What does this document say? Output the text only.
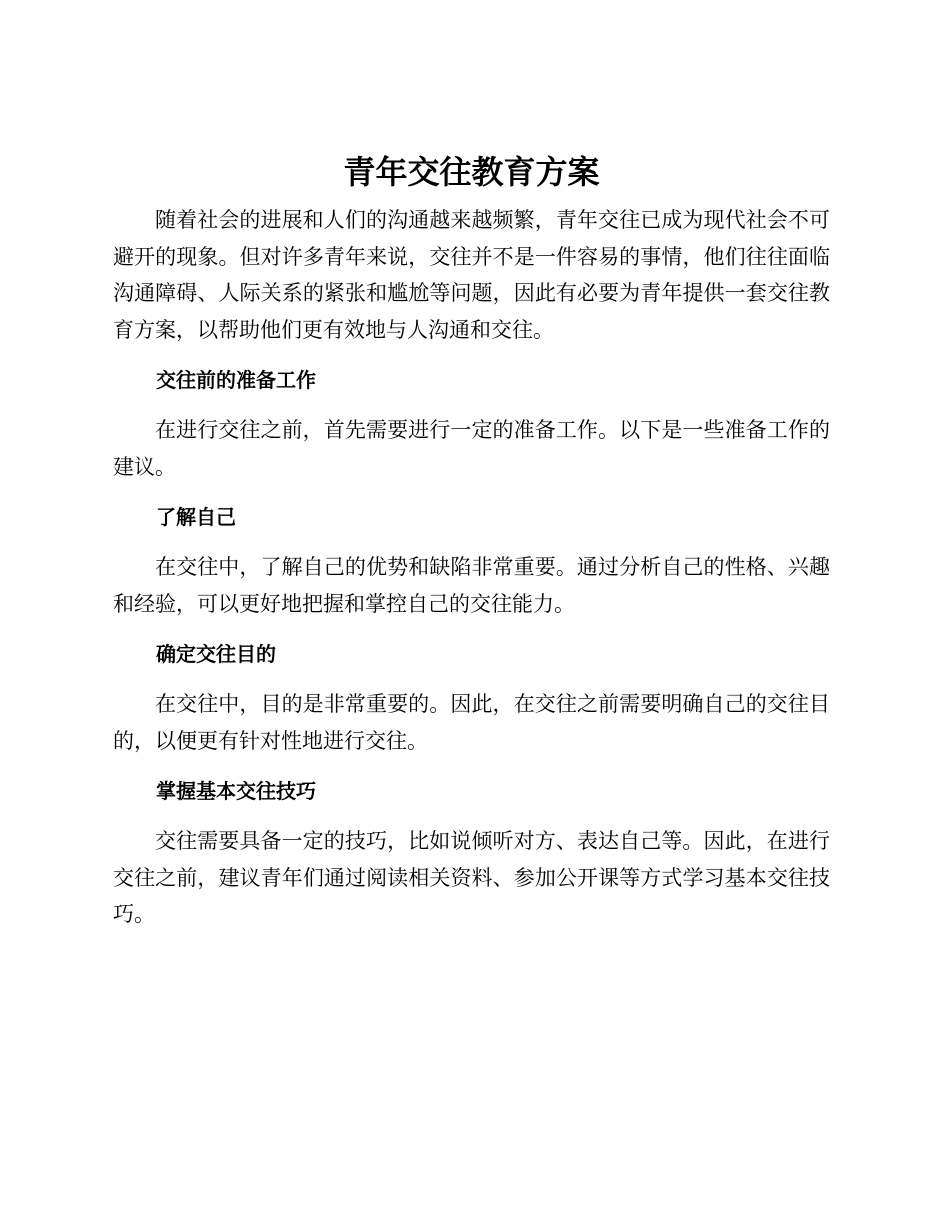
青年交往教育方案

随着社会的进展和人们的沟通越来越频繁，青年交往已成为现代社会不可避开的现象。但对许多青年来说，交往并不是一件容易的事情，他们往往面临沟通障碍、人际关系的紧张和尴尬等问题，因此有必要为青年提供一套交往教育方案，以帮助他们更有效地与人沟通和交往。

交往前的准备工作

在进行交往之前，首先需要进行一定的准备工作。以下是一些准备工作的建议。

了解自己

在交往中，了解自己的优势和缺陷非常重要。通过分析自己的性格、兴趣和经验，可以更好地把握和掌控自己的交往能力。

确定交往目的

在交往中，目的是非常重要的。因此，在交往之前需要明确自己的交往目的，以便更有针对性地进行交往。

掌握基本交往技巧

交往需要具备一定的技巧，比如说倾听对方、表达自己等。因此，在进行交往之前，建议青年们通过阅读相关资料、参加公开课等方式学习基本交往技巧。
